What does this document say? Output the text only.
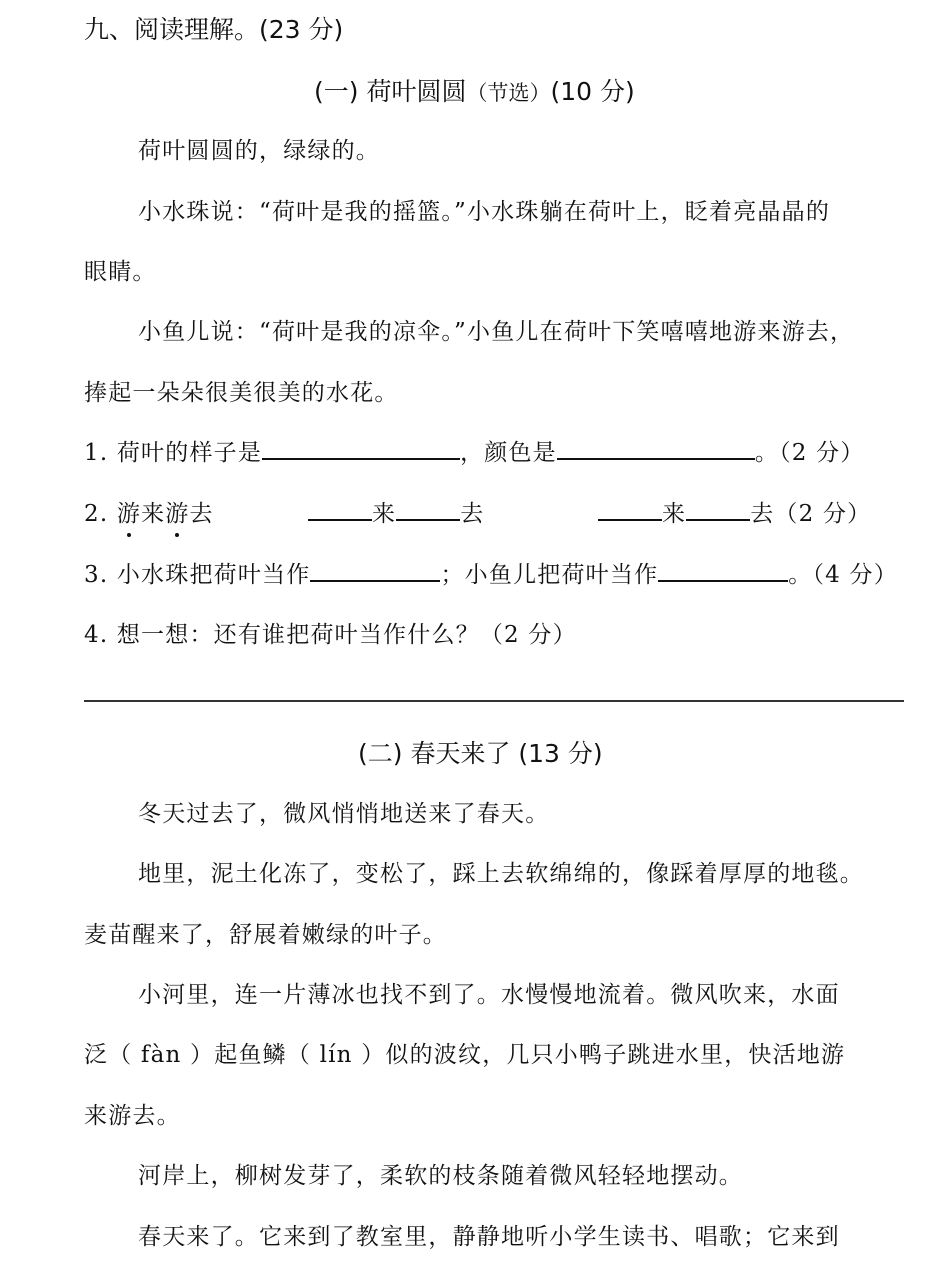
九、阅读理解。(23 分)
(一) 荷叶圆圆（节选）(10 分)
荷叶圆圆的，绿绿的。
小水珠说：“荷叶是我的摇篮。”小水珠躺在荷叶上，眨着亮晶晶的
眼睛。
小鱼儿说：“荷叶是我的凉伞。”小鱼儿在荷叶下笑嘻嘻地游来游去，
捧起一朵朵很美很美的水花。
1. 荷叶的样子是	，颜色是	。（2 分）
2. 游来游去	来	去	来	去（2 分）
3. 小水珠把荷叶当作	；小鱼儿把荷叶当作	。（4 分）
4. 想一想：还有谁把荷叶当作什么？（2 分）
(二) 春天来了 (13 分)
冬天过去了，微风悄悄地送来了春天。
地里，泥土化冻了，变松了，踩上去软绵绵的，像踩着厚厚的地毯。
麦苗醒来了，舒展着嫩绿的叶子。
小河里，连一片薄冰也找不到了。水慢慢地流着。微风吹来，水面
泛（ fàn ）起鱼鳞（ lín ）似的波纹，几只小鸭子跳进水里，快活地游
来游去。
河岸上，柳树发芽了，柔软的枝条随着微风轻轻地摆动。
春天来了。它来到了教室里，静静地听小学生读书、唱歌；它来到
